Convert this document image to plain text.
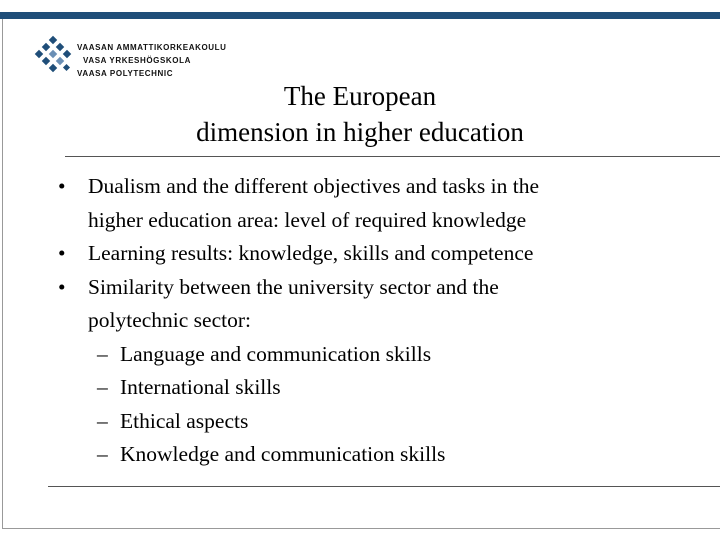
VAASAN AMMATTIKORKEAKOULU
VASA YRKESHÖGSKOLA
VAASA POLYTECHNIC
The European
dimension in higher education
• Dualism and the different objectives and tasks in the
higher education area: level of required knowledge
• Learning results: knowledge, skills and competence
• Similarity between the university sector and the
polytechnic sector:
– Language and communication skills
– International skills
– Ethical aspects
– Knowledge and communication skills
